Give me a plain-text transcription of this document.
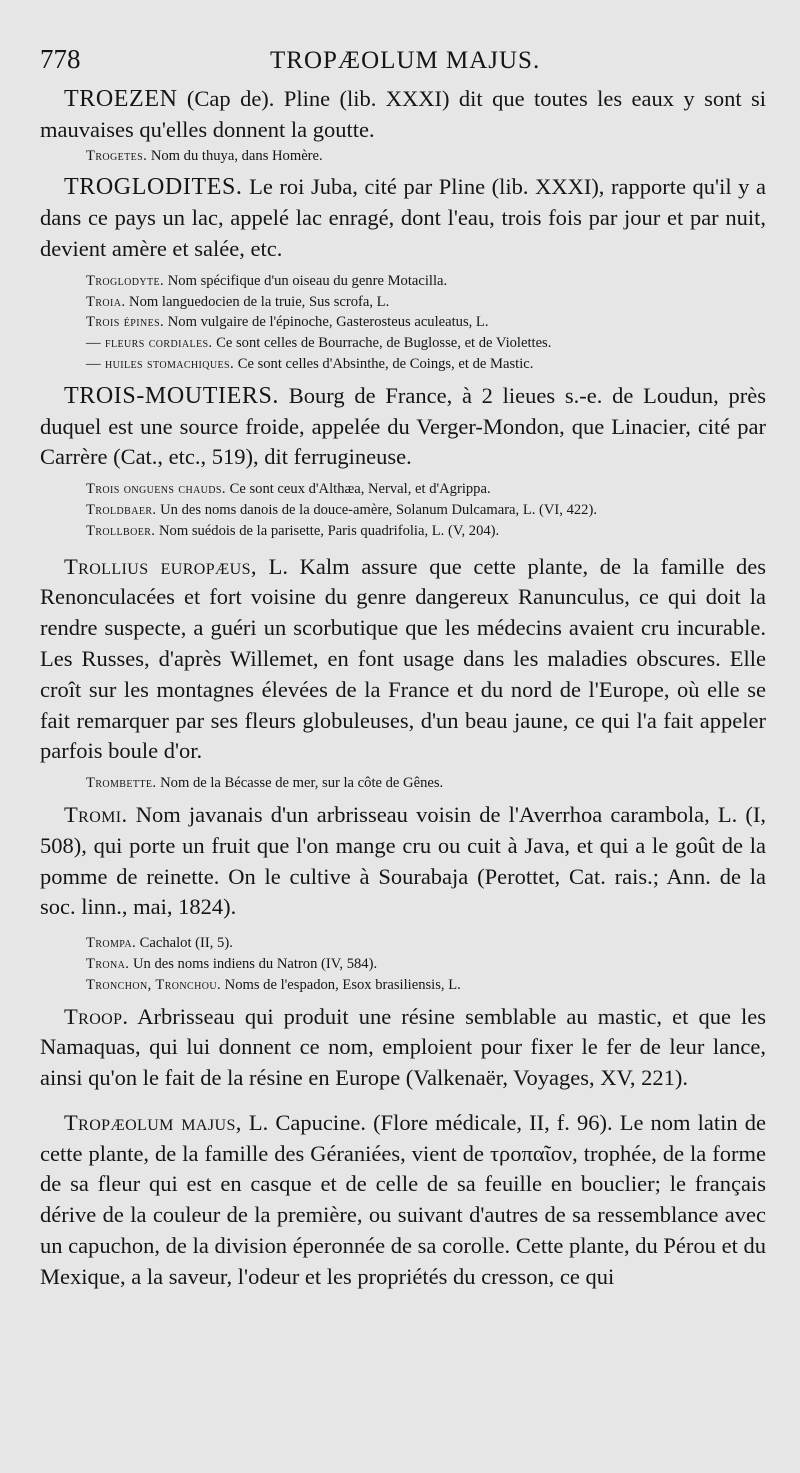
778	TROPÆOLUM MAJUS.

TROEZEN (Cap de). Pline (lib. XXXI) dit que toutes les eaux y sont si mauvaises qu'elles donnent la goutte.

Trogetes. Nom du thuya, dans Homère.

TROGLODITES. Le roi Juba, cité par Pline (lib. XXXI), rapporte qu'il y a dans ce pays un lac, appelé lac enragé, dont l'eau, trois fois par jour et par nuit, devient amère et salée, etc.

Troglodyte. Nom spécifique d'un oiseau du genre Motacilla.

Troia. Nom languedocien de la truie, Sus scrofa, L.

Trois épines. Nom vulgaire de l'épinoche, Gasterosteus aculeatus, L.

— fleurs cordiales. Ce sont celles de Bourrache, de Buglosse, et de Violettes.

— huiles stomachiques. Ce sont celles d'Absinthe, de Coings, et de Mastic.

TROIS-MOUTIERS. Bourg de France, à 2 lieues s.-e. de Loudun, près duquel est une source froide, appelée du Verger-Mondon, que Linacier, cité par Carrère (Cat., etc., 519), dit ferrugineuse.

Trois onguens chauds. Ce sont ceux d'Althæa, Nerval, et d'Agrippa.

Troldbaer. Un des noms danois de la douce-amère, Solanum Dulcamara, L. (VI, 422).

Trollboer. Nom suédois de la parisette, Paris quadrifolia, L. (V, 204).

Trollius europæus, L. Kalm assure que cette plante, de la famille des Renonculacées et fort voisine du genre dangereux Ranunculus, ce qui doit la rendre suspecte, a guéri un scorbutique que les médecins avaient cru incurable. Les Russes, d'après Willemet, en font usage dans les maladies obscures. Elle croît sur les montagnes élevées de la France et du nord de l'Europe, où elle se fait remarquer par ses fleurs globuleuses, d'un beau jaune, ce qui l'a fait appeler parfois boule d'or.

Trombette. Nom de la Bécasse de mer, sur la côte de Gênes.

Tromi. Nom javanais d'un arbrisseau voisin de l'Averrhoa carambola, L. (I, 508), qui porte un fruit que l'on mange cru ou cuit à Java, et qui a le goût de la pomme de reinette. On le cultive à Sourabaja (Perottet, Cat. rais.; Ann. de la soc. linn., mai, 1824).

Trompa. Cachalot (II, 5).

Trona. Un des noms indiens du Natron (IV, 584).

Tronchon, Tronchou. Noms de l'espadon, Esox brasiliensis, L.

Troop. Arbrisseau qui produit une résine semblable au mastic, et que les Namaquas, qui lui donnent ce nom, emploient pour fixer le fer de leur lance, ainsi qu'on le fait de la résine en Europe (Valkenaër, Voyages, XV, 221).

Tropæolum majus, L. Capucine. (Flore médicale, II, f. 96). Le nom latin de cette plante, de la famille des Géraniées, vient de τροπαῖον, trophée, de la forme de sa fleur qui est en casque et de celle de sa feuille en bouclier; le français dérive de la couleur de la première, ou suivant d'autres de sa ressemblance avec un capuchon, de la division éperonnée de sa corolle. Cette plante, du Pérou et du Mexique, a la saveur, l'odeur et les propriétés du cresson, ce qui
